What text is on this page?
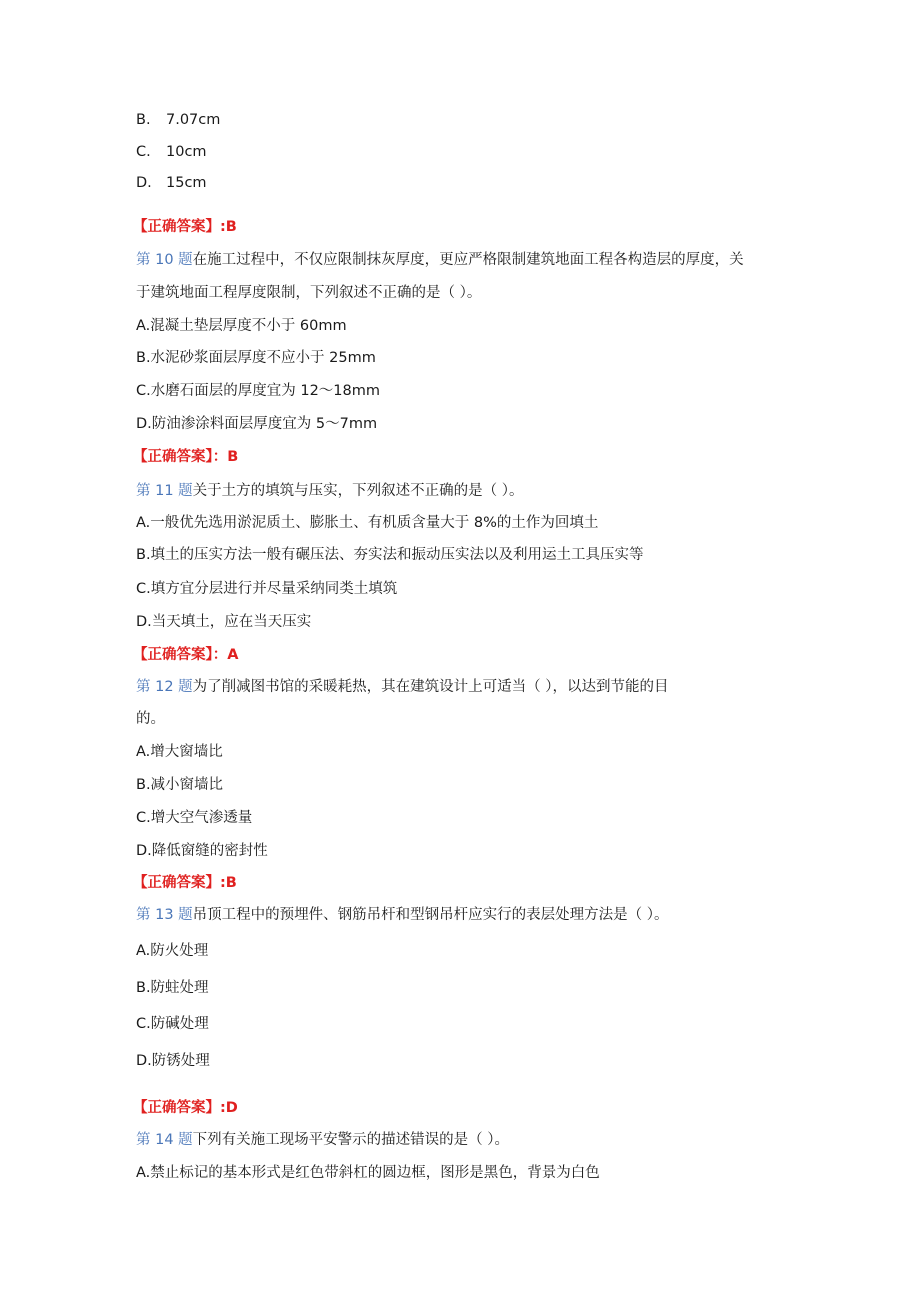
B. 7.07cm
C. 10cm
D. 15cm
【正确答案】:B
第 10 题在施工过程中，不仅应限制抹灰厚度，更应严格限制建筑地面工程各构造层的厚度，关
于建筑地面工程厚度限制，下列叙述不正确的是（ ）。
A.混凝土垫层厚度不小于 60mm
B.水泥砂浆面层厚度不应小于 25mm
C.水磨石面层的厚度宜为 12～18mm
D.防油渗涂料面层厚度宜为 5～7mm
【正确答案】：B
第 11 题关于土方的填筑与压实，下列叙述不正确的是（ ）。
A.一般优先选用淤泥质土、膨胀土、有机质含量大于 8%的土作为回填土
B.填土的压实方法一般有碾压法、夯实法和振动压实法以及利用运土工具压实等
C.填方宜分层进行并尽量采纳同类土填筑
D.当天填土，应在当天压实
【正确答案】：A
第 12 题为了削减图书馆的采暖耗热，其在建筑设计上可适当（ ），以达到节能的目
的。
A.增大窗墙比
B.减小窗墙比
C.增大空气渗透量
D.降低窗缝的密封性
【正确答案】:B
第 13 题吊顶工程中的预埋件、钢筋吊杆和型钢吊杆应实行的表层处理方法是（ ）。
A.防火处理
B.防蛀处理
C.防碱处理
D.防锈处理
【正确答案】:D
第 14 题下列有关施工现场平安警示的描述错误的是（ ）。
A.禁止标记的基本形式是红色带斜杠的圆边框，图形是黑色，背景为白色
